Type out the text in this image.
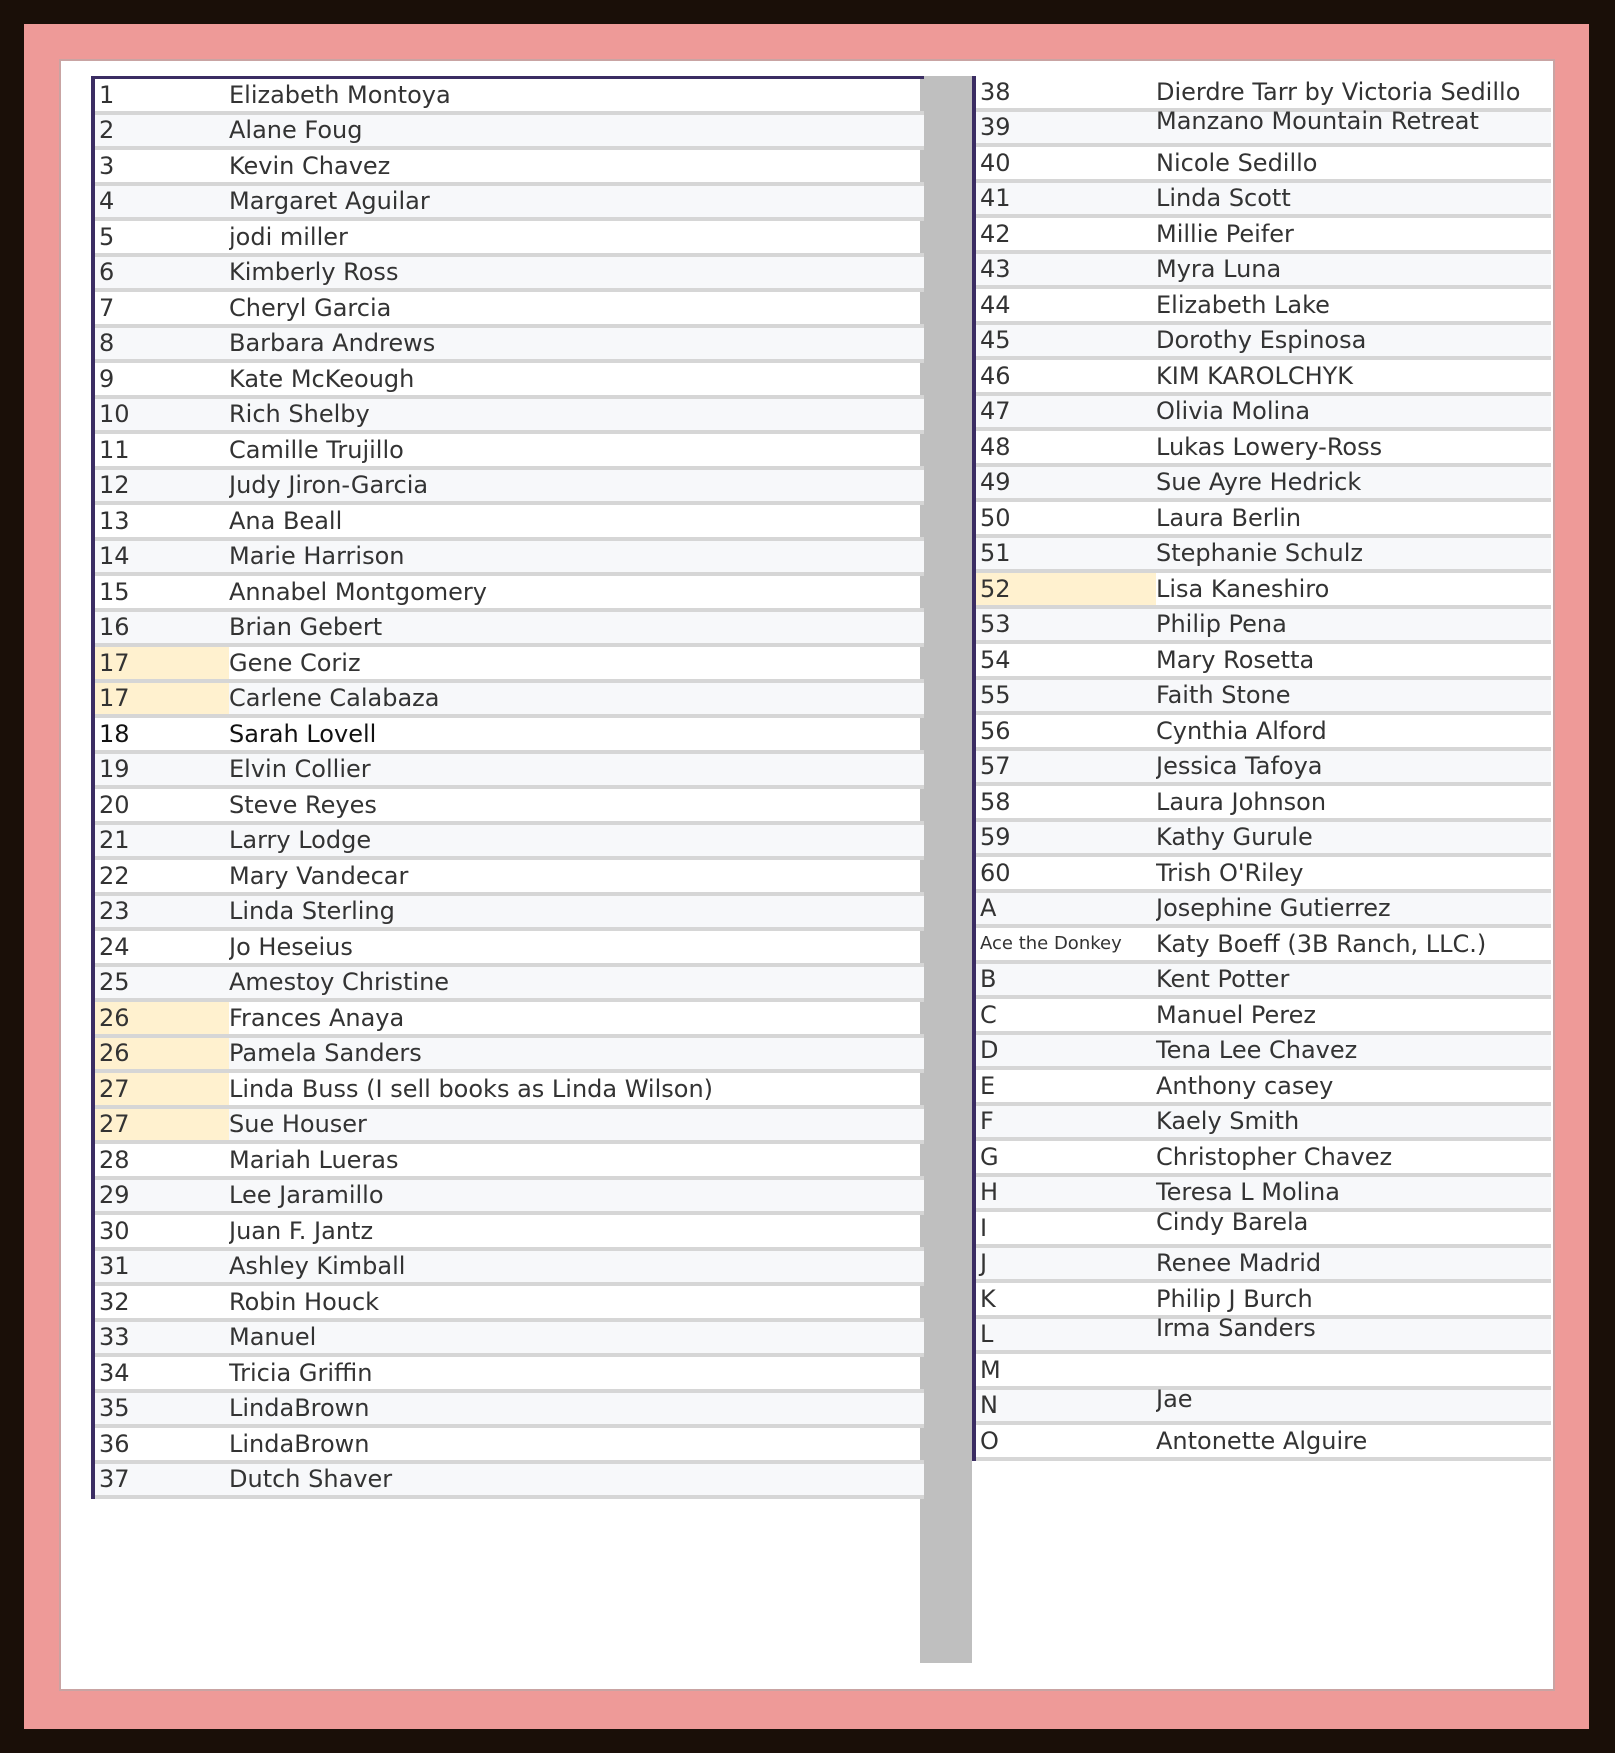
1	Elizabeth Montoya
2	Alane Foug
3	Kevin Chavez
4	Margaret Aguilar
5	jodi miller
6	Kimberly Ross
7	Cheryl Garcia
8	Barbara Andrews
9	Kate McKeough
10	Rich Shelby
11	Camille Trujillo
12	Judy Jiron-Garcia
13	Ana Beall
14	Marie Harrison
15	Annabel Montgomery
16	Brian Gebert
17	Gene Coriz
17	Carlene Calabaza
18	Sarah Lovell
19	Elvin Collier
20	Steve Reyes
21	Larry Lodge
22	Mary Vandecar
23	Linda Sterling
24	Jo Heseius
25	Amestoy Christine
26	Frances Anaya
26	Pamela Sanders
27	Linda Buss (I sell books as Linda Wilson)
27	Sue Houser
28	Mariah Lueras
29	Lee Jaramillo
30	Juan F. Jantz
31	Ashley Kimball
32	Robin Houck
33	Manuel
34	Tricia Griffin
35	LindaBrown
36	LindaBrown
37	Dutch Shaver
38	Dierdre Tarr by Victoria Sedillo
39	Manzano Mountain Retreat
40	Nicole Sedillo
41	Linda Scott
42	Millie Peifer
43	Myra Luna
44	Elizabeth Lake
45	Dorothy Espinosa
46	KIM KAROLCHYK
47	Olivia Molina
48	Lukas Lowery-Ross
49	Sue Ayre Hedrick
50	Laura Berlin
51	Stephanie Schulz
52	Lisa Kaneshiro
53	Philip Pena
54	Mary Rosetta
55	Faith Stone
56	Cynthia Alford
57	Jessica Tafoya
58	Laura Johnson
59	Kathy Gurule
60	Trish O'Riley
A	Josephine Gutierrez
Ace the Donkey	Katy Boeff (3B Ranch, LLC.)
B	Kent Potter
C	Manuel Perez
D	Tena Lee Chavez
E	Anthony casey
F	Kaely Smith
G	Christopher Chavez
H	Teresa L Molina
I	Cindy Barela
J	Renee Madrid
K	Philip J Burch
L	Irma Sanders
M
N	Jae
O	Antonette Alguire
